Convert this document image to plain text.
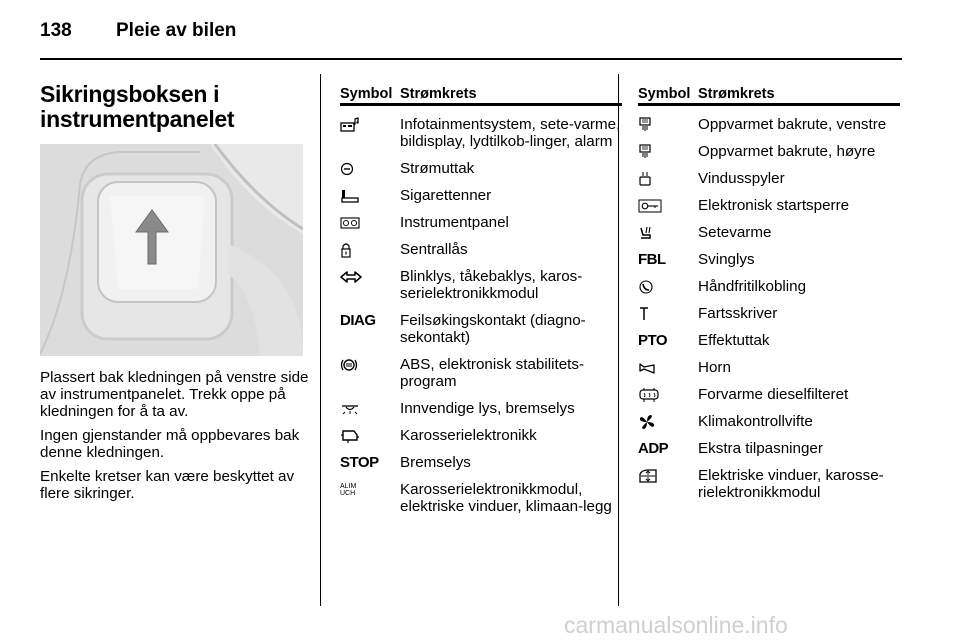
138 Pleie av bilen
Sikringsboksen i
instrumentpanelet
Plassert bak kledningen på venstre side av instrumentpanelet. Trekk oppe på kledningen for å ta av.
Ingen gjenstander må oppbevares bak denne kledningen.
Enkelte kretser kan være beskyttet av flere sikringer.
Symbol Strømkrets
Infotainmentsystem, sete-varme, bildisplay, lydtilkob-linger, alarm
Strømuttak
Sigarettenner
Instrumentpanel
Sentrallås
Blinklys, tåkebaklys, karos-serielektronikkmodul
DIAG	Feilsøkingskontakt (diagno-sekontakt)
ABS, elektronisk stabilitets-program
Innvendige lys, bremselys
Karosserielektronikk
STOP	Bremselys
ALIM
UCH	Karosserielektronikkmodul, elektriske vinduer, klimaan-legg
Symbol Strømkrets
Oppvarmet bakrute, venstre
Oppvarmet bakrute, høyre
Vindusspyler
Elektronisk startsperre
Setevarme
FBL	Svinglys
Håndfritilkobling
Fartsskriver
PTO	Effektuttak
Horn
Forvarme dieselfilteret
Klimakontrollvifte
ADP	Ekstra tilpasninger
Elektriske vinduer, karosse-rielektronikkmodul
carmanualsonline.info
